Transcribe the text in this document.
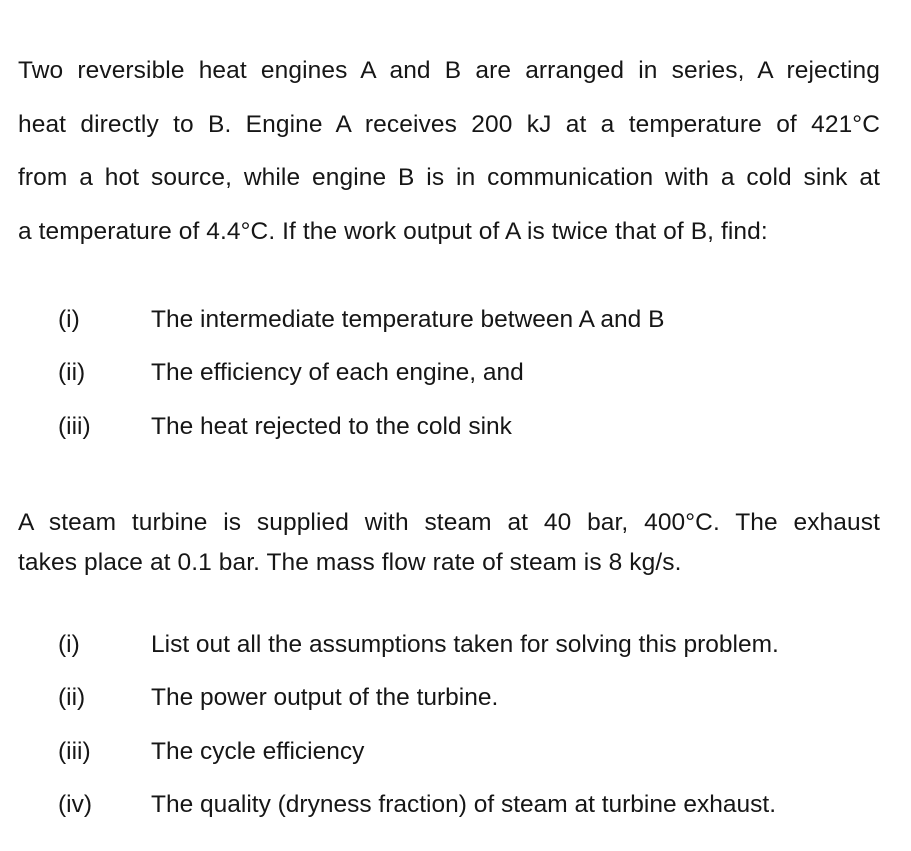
Two reversible heat engines A and B are arranged in series, A rejecting
heat directly to B. Engine A receives 200 kJ at a temperature of 421°C
from a hot source, while engine B is in communication with a cold sink at
a temperature of 4.4°C. If the work output of A is twice that of B, find:

(i)	The intermediate temperature between A and B
(ii)	The efficiency of each engine, and
(iii)	The heat rejected to the cold sink

A steam turbine is supplied with steam at 40 bar, 400°C. The exhaust
takes place at 0.1 bar. The mass flow rate of steam is 8 kg/s.

(i)	List out all the assumptions taken for solving this problem.
(ii)	The power output of the turbine.
(iii)	The cycle efficiency
(iv)	The quality (dryness fraction) of steam at turbine exhaust.
